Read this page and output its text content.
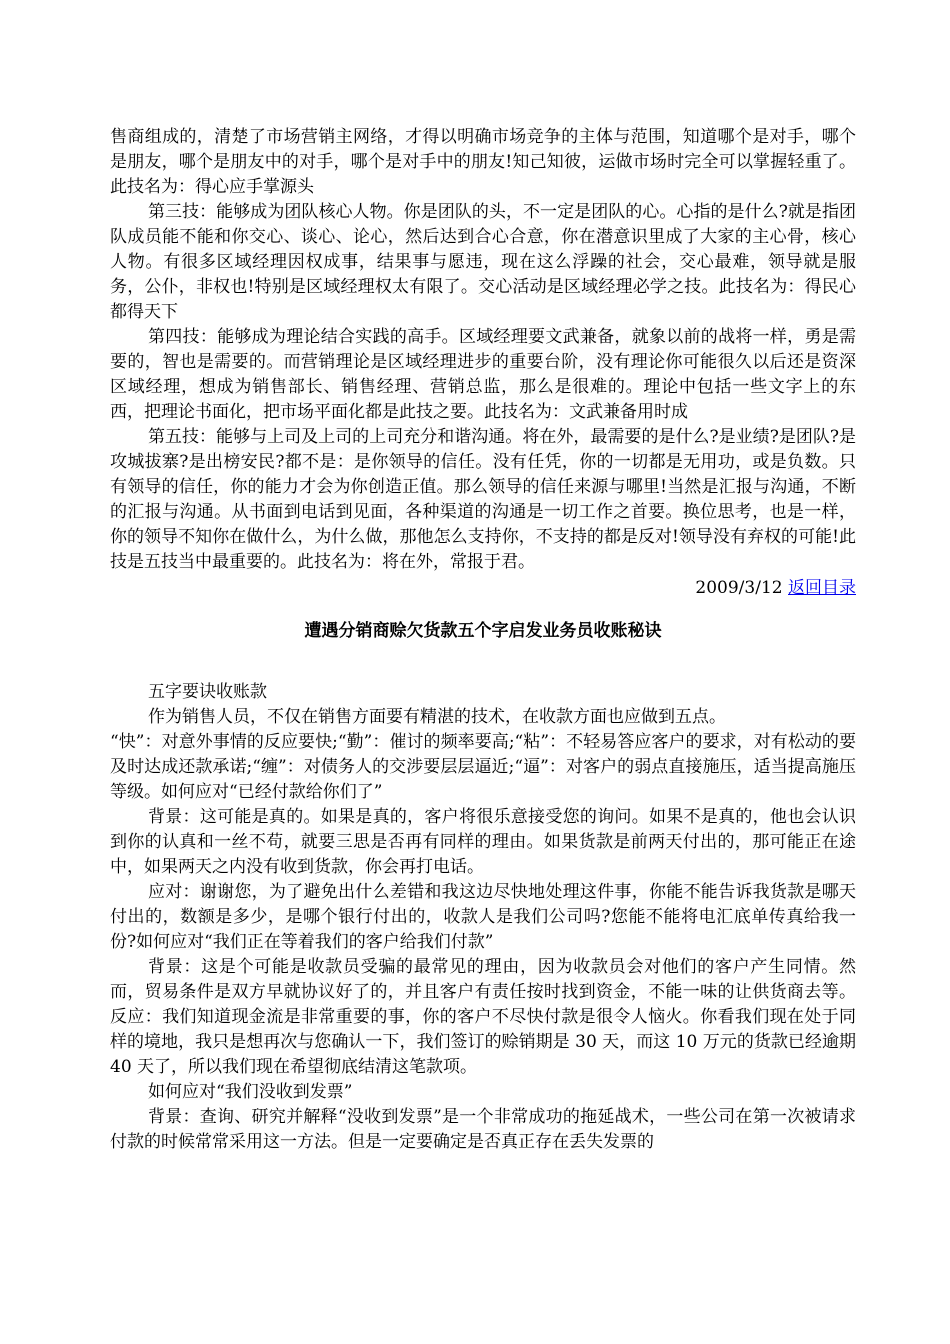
售商组成的，清楚了市场营销主网络，才得以明确市场竞争的主体与范围，知道哪个是对手，哪个是朋友，哪个是朋友中的对手，哪个是对手中的朋友!知己知彼，运做市场时完全可以掌握轻重了。此技名为：得心应手掌源头

第三技：能够成为团队核心人物。你是团队的头，不一定是团队的心。心指的是什么?就是指团队成员能不能和你交心、谈心、论心，然后达到合心合意，你在潜意识里成了大家的主心骨，核心人物。有很多区域经理因权成事，结果事与愿违，现在这么浮躁的社会，交心最难，领导就是服务，公仆，非权也!特别是区域经理权太有限了。交心活动是区域经理必学之技。此技名为：得民心都得天下

第四技：能够成为理论结合实践的高手。区域经理要文武兼备，就象以前的战将一样，勇是需要的，智也是需要的。而营销理论是区域经理进步的重要台阶，没有理论你可能很久以后还是资深区域经理，想成为销售部长、销售经理、营销总监，那么是很难的。理论中包括一些文字上的东西，把理论书面化，把市场平面化都是此技之要。此技名为：文武兼备用时成

第五技：能够与上司及上司的上司充分和谐沟通。将在外，最需要的是什么?是业绩?是团队?是攻城拔寨?是出榜安民?都不是：是你领导的信任。没有任凭，你的一切都是无用功，或是负数。只有领导的信任，你的能力才会为你创造正值。那么领导的信任来源与哪里!当然是汇报与沟通，不断的汇报与沟通。从书面到电话到见面，各种渠道的沟通是一切工作之首要。换位思考，也是一样，你的领导不知你在做什么，为什么做，那他怎么支持你，不支持的都是反对!领导没有弃权的可能!此技是五技当中最重要的。此技名为：将在外，常报于君。

2009/3/12 返回目录
遭遇分销商赊欠货款五个字启发业务员收账秘诀

五字要诀收账款

作为销售人员，不仅在销售方面要有精湛的技术，在收款方面也应做到五点。

“快”：对意外事情的反应要快;“勤”：催讨的频率要高;“粘”：不轻易答应客户的要求，对有松动的要及时达成还款承诺;“缠”：对债务人的交涉要层层逼近;“逼”：对客户的弱点直接施压，适当提高施压等级。如何应对“已经付款给你们了”

背景：这可能是真的。如果是真的，客户将很乐意接受您的询问。如果不是真的，他也会认识到你的认真和一丝不苟，就要三思是否再有同样的理由。如果货款是前两天付出的，那可能正在途中，如果两天之内没有收到货款，你会再打电话。

应对：谢谢您，为了避免出什么差错和我这边尽快地处理这件事，你能不能告诉我货款是哪天付出的，数额是多少，是哪个银行付出的，收款人是我们公司吗?您能不能将电汇底单传真给我一份?如何应对“我们正在等着我们的客户给我们付款”

背景：这是个可能是收款员受骗的最常见的理由，因为收款员会对他们的客户产生同情。然而，贸易条件是双方早就协议好了的，并且客户有责任按时找到资金，不能一味的让供货商去等。反应：我们知道现金流是非常重要的事，你的客户不尽快付款是很令人恼火。你看我们现在处于同样的境地，我只是想再次与您确认一下，我们签订的赊销期是 30 天，而这 10 万元的货款已经逾期 40 天了，所以我们现在希望彻底结清这笔款项。

如何应对“我们没收到发票”

背景：查询、研究并解释“没收到发票”是一个非常成功的拖延战术，一些公司在第一次被请求付款的时候常常采用这一方法。但是一定要确定是否真正存在丢失发票的
